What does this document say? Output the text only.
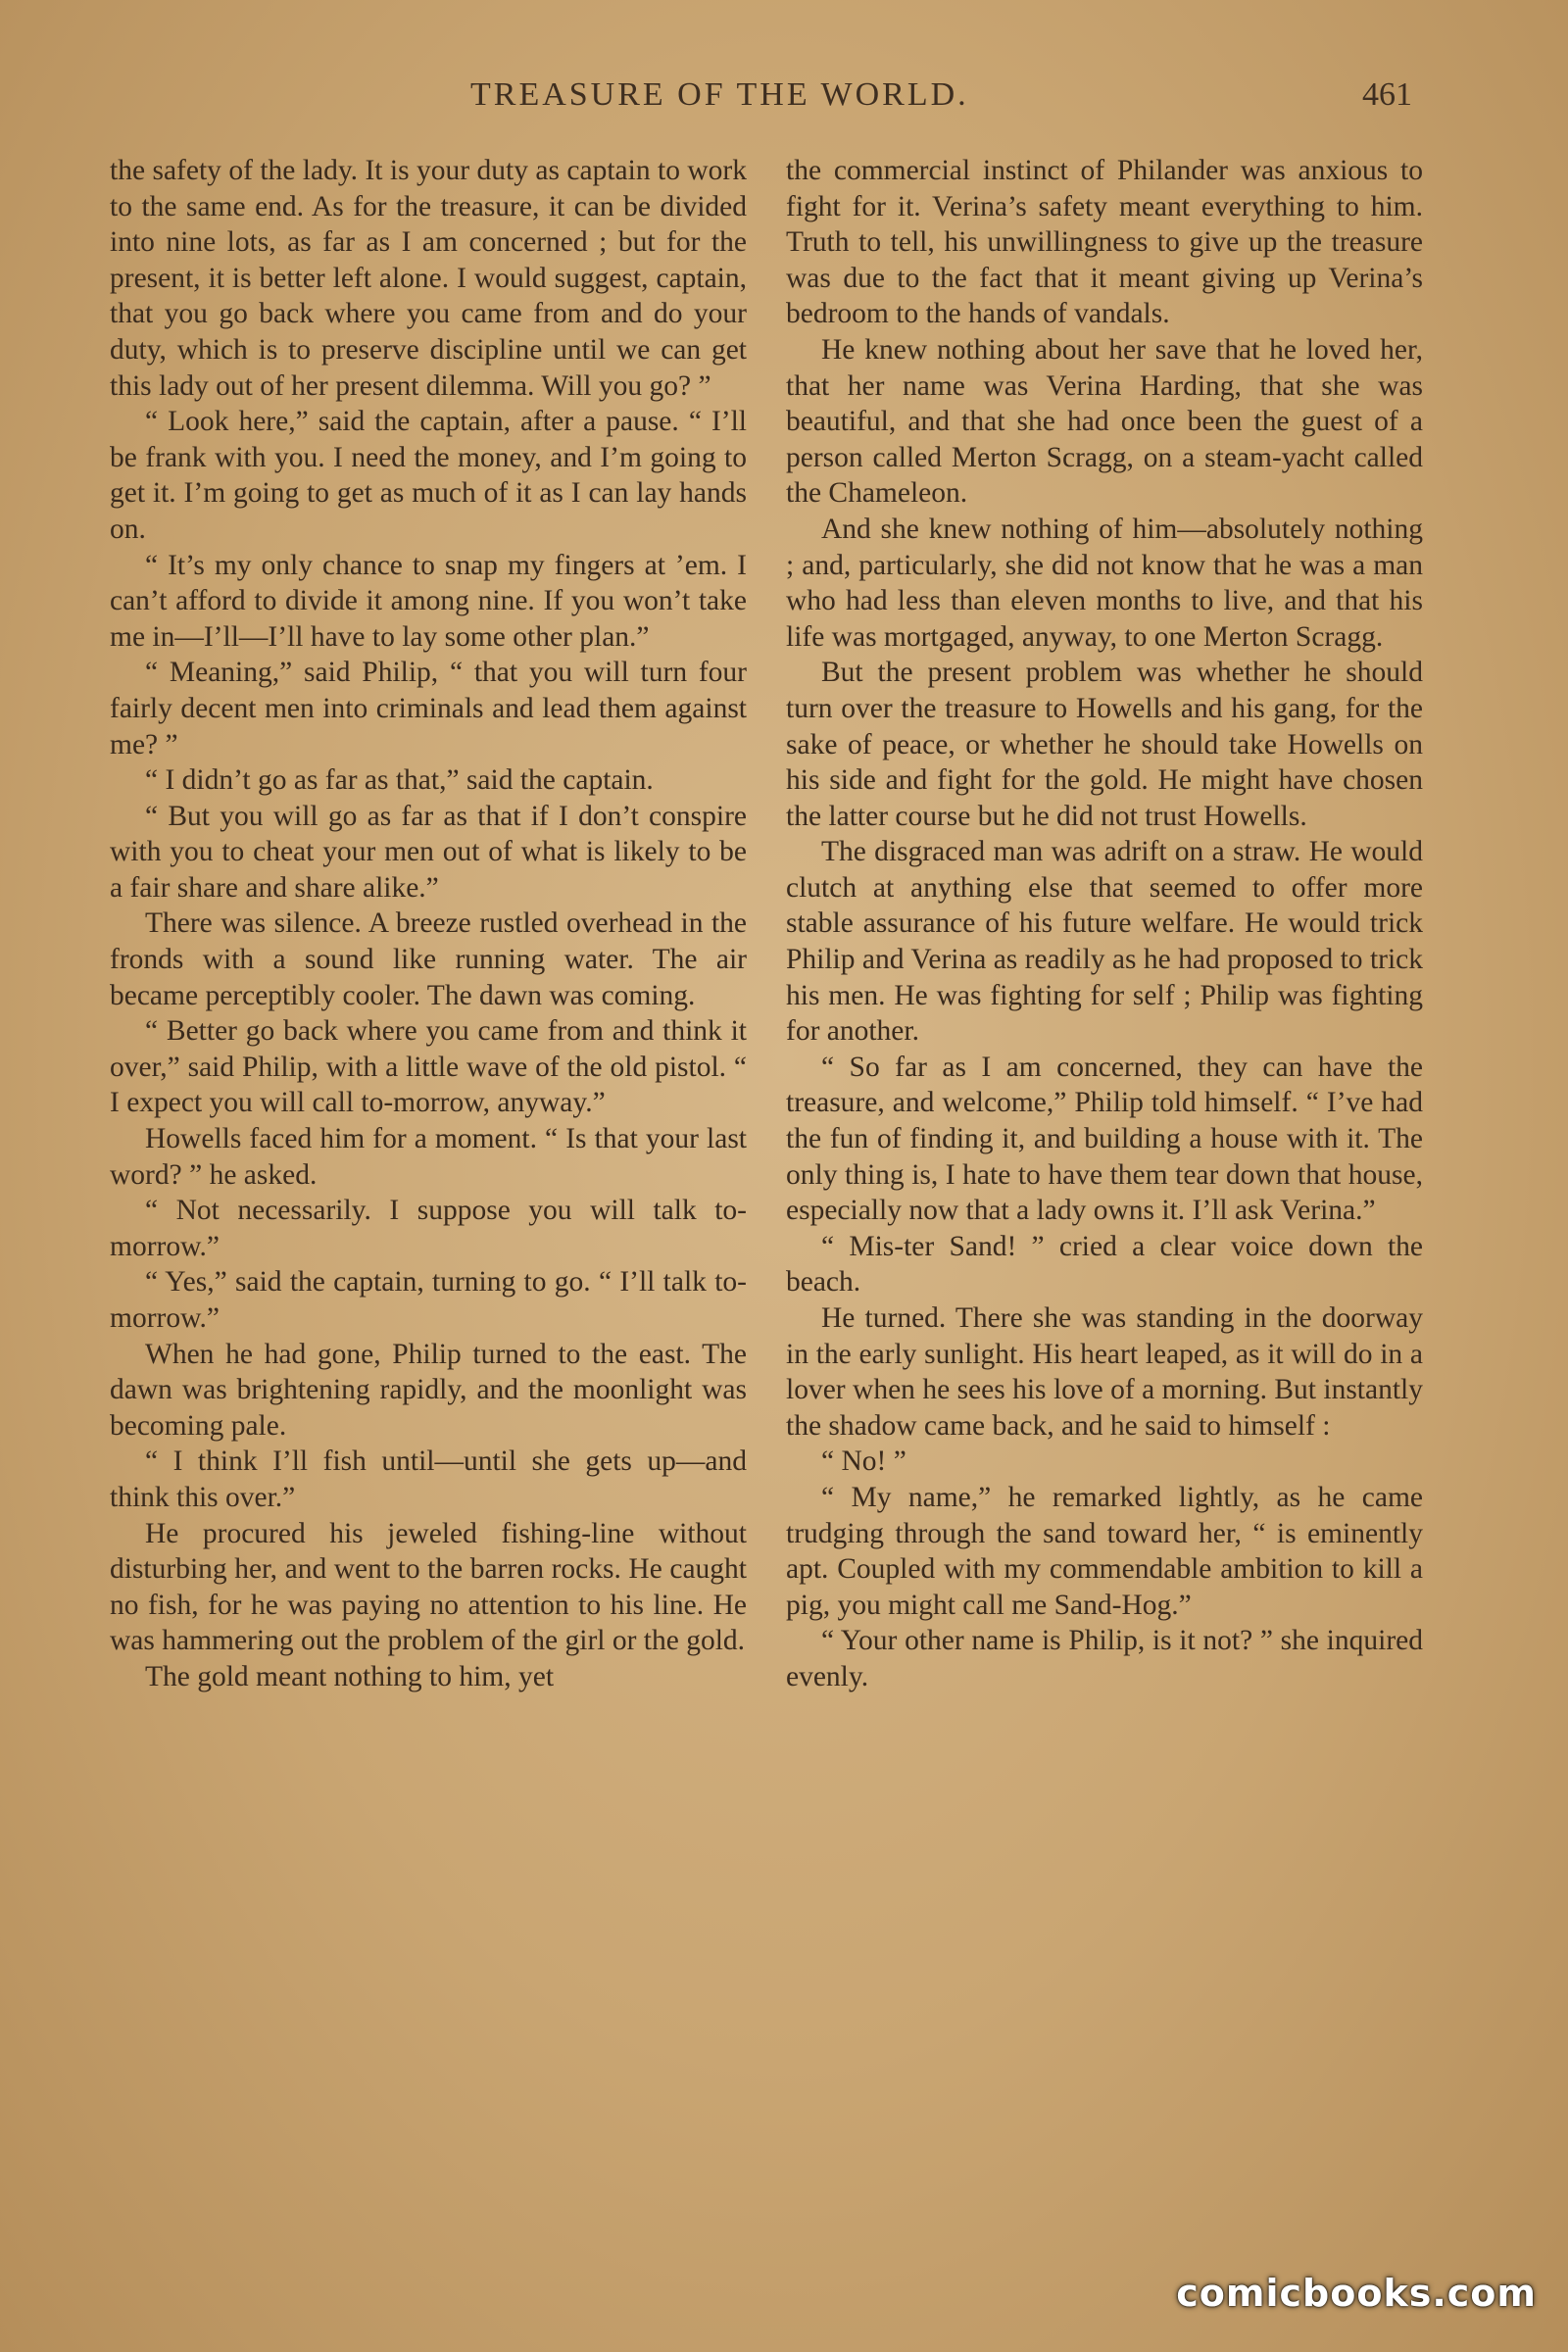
TREASURE OF THE WORLD.	461

the safety of the lady. It is your duty as captain to work to the same end. As for the treasure, it can be divided into nine lots, as far as I am concerned ; but for the present, it is better left alone. I would suggest, captain, that you go back where you came from and do your duty, which is to preserve discipline until we can get this lady out of her present dilemma. Will you go? ”

“ Look here,” said the captain, after a pause. “ I’ll be frank with you. I need the money, and I’m going to get it. I’m going to get as much of it as I can lay hands on.

“ It’s my only chance to snap my fingers at ’em. I can’t afford to divide it among nine. If you won’t take me in—I’ll—I’ll have to lay some other plan.”

“ Meaning,” said Philip, “ that you will turn four fairly decent men into criminals and lead them against me? ”

“ I didn’t go as far as that,” said the captain.

“ But you will go as far as that if I don’t conspire with you to cheat your men out of what is likely to be a fair share and share alike.”

There was silence. A breeze rustled overhead in the fronds with a sound like running water. The air became perceptibly cooler. The dawn was coming.

“ Better go back where you came from and think it over,” said Philip, with a little wave of the old pistol. “ I expect you will call to-morrow, anyway.”

Howells faced him for a moment. “ Is that your last word? ” he asked.

“ Not necessarily. I suppose you will talk to-morrow.”

“ Yes,” said the captain, turning to go. “ I’ll talk to-morrow.”

When he had gone, Philip turned to the east. The dawn was brightening rapidly, and the moonlight was becoming pale.

“ I think I’ll fish until—until she gets up—and think this over.”

He procured his jeweled fishing-line without disturbing her, and went to the barren rocks. He caught no fish, for he was paying no attention to his line. He was hammering out the problem of the girl or the gold.

The gold meant nothing to him, yet

the commercial instinct of Philander was anxious to fight for it. Verina’s safety meant everything to him. Truth to tell, his unwillingness to give up the treasure was due to the fact that it meant giving up Verina’s bedroom to the hands of vandals.

He knew nothing about her save that he loved her, that her name was Verina Harding, that she was beautiful, and that she had once been the guest of a person called Merton Scragg, on a steam-yacht called the Chameleon.

And she knew nothing of him—absolutely nothing ; and, particularly, she did not know that he was a man who had less than eleven months to live, and that his life was mortgaged, anyway, to one Merton Scragg.

But the present problem was whether he should turn over the treasure to Howells and his gang, for the sake of peace, or whether he should take Howells on his side and fight for the gold. He might have chosen the latter course but he did not trust Howells.

The disgraced man was adrift on a straw. He would clutch at anything else that seemed to offer more stable assurance of his future welfare. He would trick Philip and Verina as readily as he had proposed to trick his men. He was fighting for self ; Philip was fighting for another.

“ So far as I am concerned, they can have the treasure, and welcome,” Philip told himself. “ I’ve had the fun of finding it, and building a house with it. The only thing is, I hate to have them tear down that house, especially now that a lady owns it. I’ll ask Verina.”

“ Mis-ter Sand! ” cried a clear voice down the beach.

He turned. There she was standing in the doorway in the early sunlight. His heart leaped, as it will do in a lover when he sees his love of a morning. But instantly the shadow came back, and he said to himself :

“ No! ”

“ My name,” he remarked lightly, as he came trudging through the sand toward her, “ is eminently apt. Coupled with my commendable ambition to kill a pig, you might call me Sand-Hog.”

“ Your other name is Philip, is it not? ” she inquired evenly.

comicbooks.com
